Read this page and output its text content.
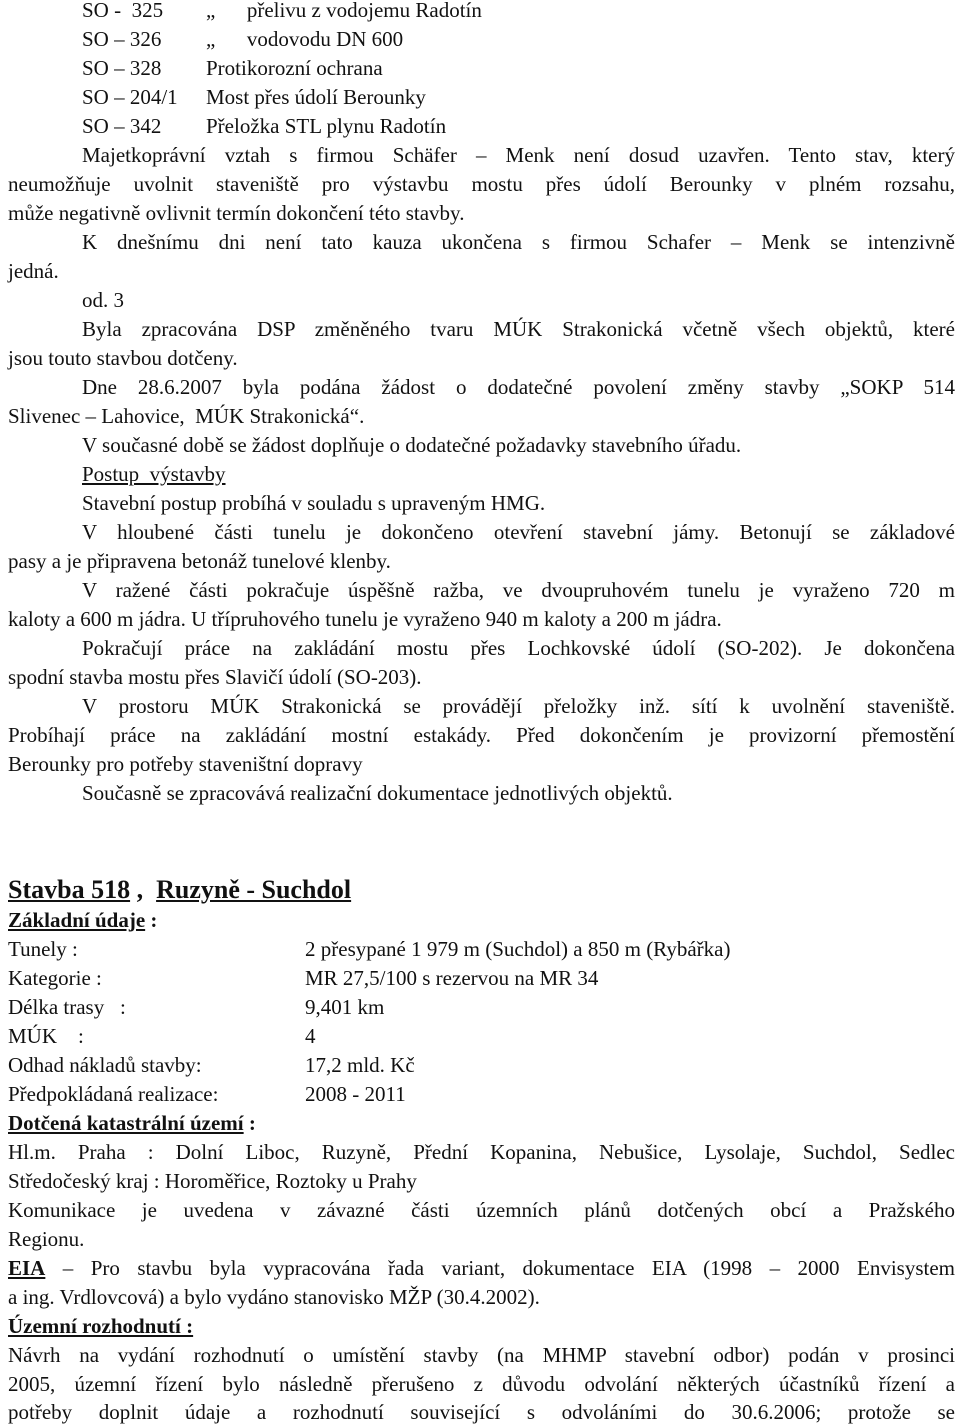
SO -  325 „      přelivu z vodojemu Radotín
SO – 326 „      vodovodu DN 600
SO – 328 Protikorozní ochrana
SO – 204/1 Most přes údolí Berounky
SO – 342 Přeložka STL plynu Radotín
Majetkoprávní vztah s firmou Schäfer – Menk není dosud uzavřen. Tento stav, který
neumožňuje uvolnit staveniště pro výstavbu mostu přes údolí Berounky v plném rozsahu,
může negativně ovlivnit termín dokončení této stavby.
K dnešnímu dni není tato kauza ukončena s firmou Schafer – Menk se intenzivně
jedná.
od. 3
Byla zpracována DSP změněného tvaru MÚK Strakonická včetně všech objektů, které
jsou touto stavbou dotčeny.
Dne 28.6.2007 byla podána žádost o dodatečné povolení změny stavby „SOKP 514
Slivenec – Lahovice,  MÚK Strakonická“.
V současné době se žádost doplňuje o dodatečné požadavky stavebního úřadu.
Postup  výstavby
Stavební postup probíhá v souladu s upraveným HMG.
V hloubené části tunelu je dokončeno otevření stavební jámy. Betonují se základové
pasy a je připravena betonáž tunelové klenby.
V ražené části pokračuje úspěšně ražba, ve dvoupruhovém tunelu je vyraženo 720 m
kaloty a 600 m jádra. U třípruhového tunelu je vyraženo 940 m kaloty a 200 m jádra.
Pokračují práce na zakládání mostu přes Lochkovské údolí (SO-202). Je dokončena
spodní stavba mostu přes Slavičí údolí (SO-203).
V prostoru MÚK Strakonická se provádějí přeložky inž. sítí k uvolnění staveniště.
Probíhají práce na zakládání mostní estakády. Před dokončením je provizorní přemostění
Berounky pro potřeby staveništní dopravy
Současně se zpracovává realizační dokumentace jednotlivých objektů.
Stavba 518 ,  Ruzyně - Suchdol
Základní údaje :
Tunely :	2 přesypané 1 979 m (Suchdol) a 850 m (Rybářka)
Kategorie :	MR 27,5/100 s rezervou na MR 34
Délka trasy   :	9,401 km
MÚK    :	4
Odhad nákladů stavby:	17,2 mld. Kč
Předpokládaná realizace:	2008 - 2011
Dotčená katastrální území :
Hl.m. Praha : Dolní Liboc, Ruzyně, Přední Kopanina, Nebušice, Lysolaje, Suchdol, Sedlec
Středočeský kraj : Horoměřice, Roztoky u Prahy
Komunikace je uvedena v závazné části územních plánů dotčených obcí a Pražského
Regionu.
EIA – Pro stavbu byla vypracována řada variant, dokumentace EIA (1998 – 2000 Envisystem
a ing. Vrdlovcová) a bylo vydáno stanovisko MŽP (30.4.2002).
Územní rozhodnutí :
Návrh na vydání rozhodnutí o umístění stavby (na MHMP stavební odbor) podán v prosinci
2005, územní řízení bylo následně přerušeno z důvodu odvolání některých účastníků řízení a
potřeby doplnit údaje a rozhodnutí související s odvoláními do 30.6.2006; protože se
